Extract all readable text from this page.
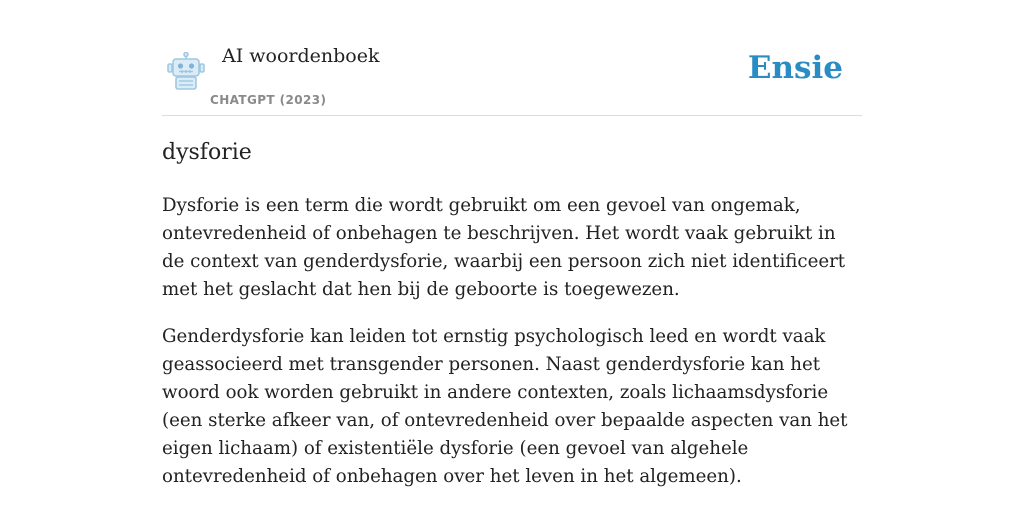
AI woordenboek
CHATGPT (2023)
Ensie
dysforie

Dysforie is een term die wordt gebruikt om een gevoel van ongemak, ontevredenheid of onbehagen te beschrijven. Het wordt vaak gebruikt in de context van genderdysforie, waarbij een persoon zich niet identificeert met het geslacht dat hen bij de geboorte is toegewezen.

Genderdysforie kan leiden tot ernstig psychologisch leed en wordt vaak geassocieerd met transgender personen. Naast genderdysforie kan het woord ook worden gebruikt in andere contexten, zoals lichaamsdysforie (een sterke afkeer van, of ontevredenheid over bepaalde aspecten van het eigen lichaam) of existentiële dysforie (een gevoel van algehele ontevredenheid of onbehagen over het leven in het algemeen).
